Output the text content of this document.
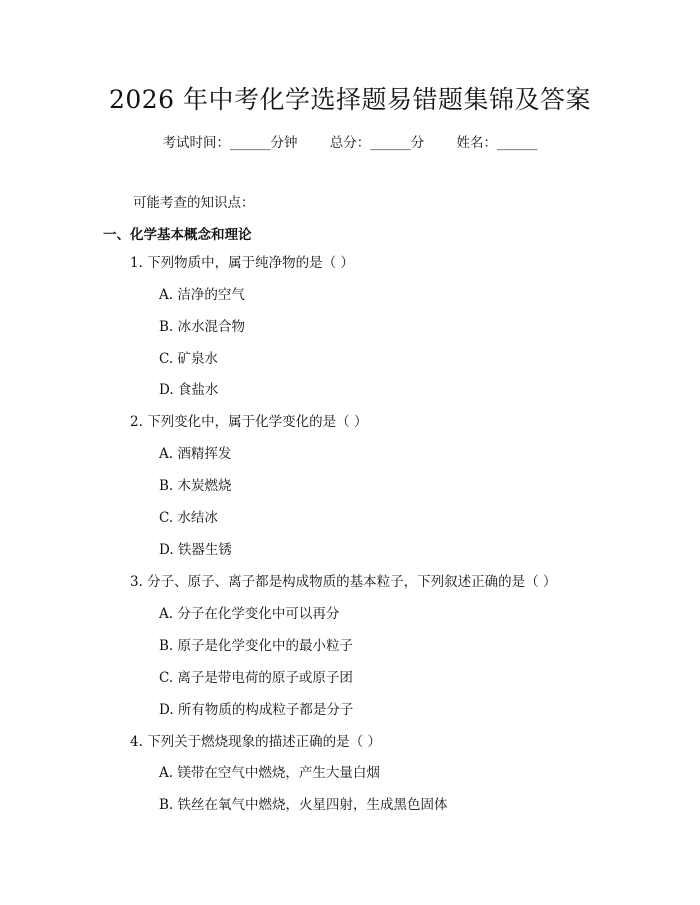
2026 年中考化学选择题易错题集锦及答案
考试时间：______分钟 总分：______分 姓名：______
可能考查的知识点：
一、化学基本概念和理论
1. 下列物质中，属于纯净物的是（ ）
A. 洁净的空气
B. 冰水混合物
C. 矿泉水
D. 食盐水
2. 下列变化中，属于化学变化的是（ ）
A. 酒精挥发
B. 木炭燃烧
C. 水结冰
D. 铁器生锈
3. 分子、原子、离子都是构成物质的基本粒子，下列叙述正确的是（ ）
A. 分子在化学变化中可以再分
B. 原子是化学变化中的最小粒子
C. 离子是带电荷的原子或原子团
D. 所有物质的构成粒子都是分子
4. 下列关于燃烧现象的描述正确的是（ ）
A. 镁带在空气中燃烧，产生大量白烟
B. 铁丝在氧气中燃烧，火星四射，生成黑色固体
